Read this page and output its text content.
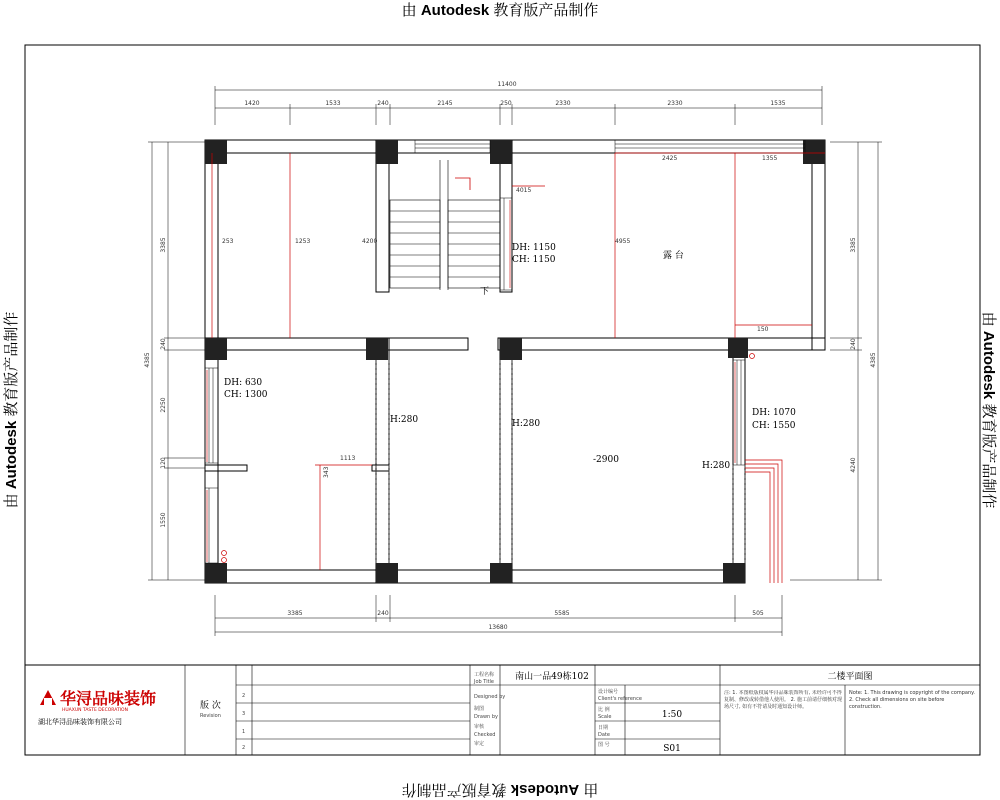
由 Autodesk 教育版产品制作
由 Autodesk 教育版产品制作
由 Autodesk 教育版产品制作	由 Autodesk 教育版产品制作
11400
1420	1533	240	2145	250	2330	2330	1535
3385	240	5585	505
13680
3385
240
2250
120
1550
4385
3385
240
4240
4385
下
253	1253	4200	4955
4015
2425	1355
150
1113
343
露 台
DH: 1150
CH: 1150
DH: 630
CH: 1300
DH: 1070
CH: 1550
H:280	H:280
H:280
-2900
华浔品味装饰
HUAXUN TASTE DECORATION
湖北华浔品味装饰有限公司
版 次
Revision
2
3
1
2
工程名称
Job Title
Designed by
制图
Drawn by
审核
Checked
审定
南山一品49栋102	二楼平面图
设计编号
Client's reference
比 例
Scale
日期
Date
图 号
1:50
S01
注: 1. 本图纸版权属华浔品味装饰所有, 未经许可不得复制、修改或转借他人使用。 2. 施工前请仔细核对现场尺寸, 如有不符请及时通知设计师。
Note: 1. This drawing is copyright of the company. 2. Check all dimensions on site before construction.
